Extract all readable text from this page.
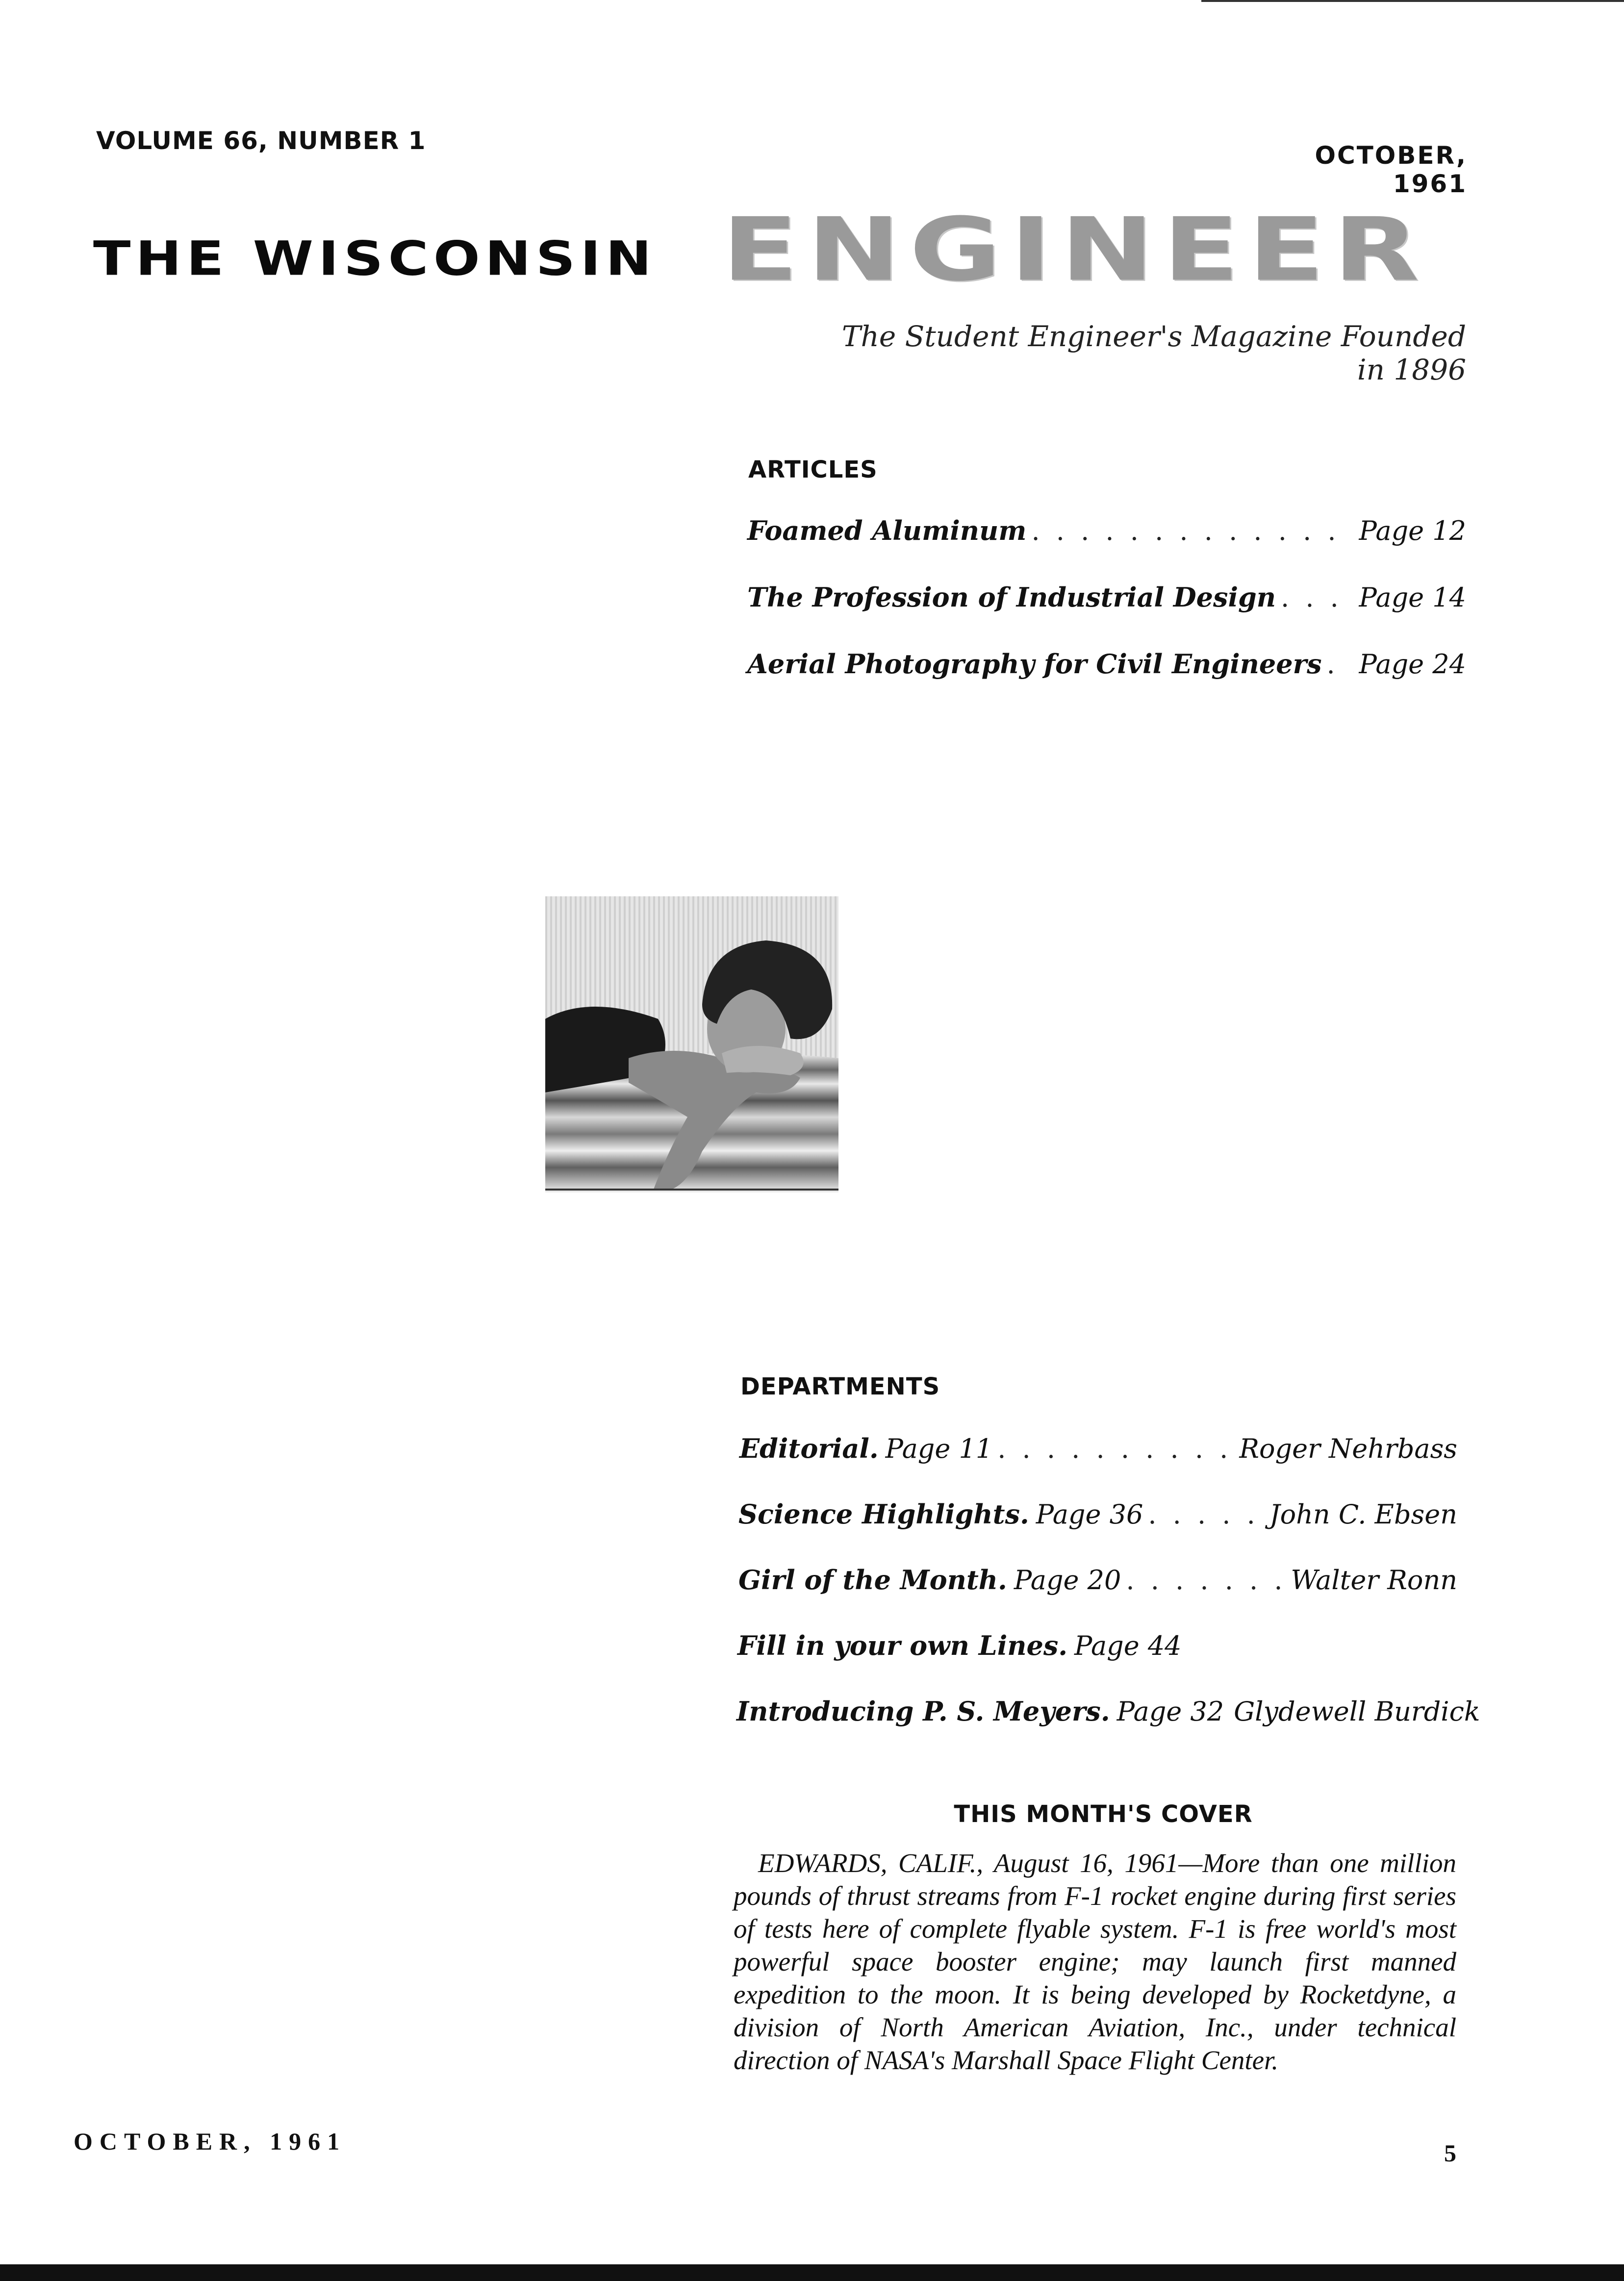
VOLUME 66, NUMBER 1
OCTOBER, 1961
THE WISCONSIN ENGINEER
The Student Engineer's Magazine Founded in 1896
ARTICLES
Foamed Aluminum . . .	Page 12
The Profession of Industrial Design . . .	Page 14
Aerial Photography for Civil Engineers . . . Page 24
DEPARTMENTS
Editorial. Page 11 . . .	Roger Nehrbass
Science Highlights. Page 36 . . .	John C. Ebsen
Girl of the Month. Page 20 . . .	Walter Ronn
Fill in your own Lines. Page 44
Introducing P. S. Meyers. Page 32 Glydewell Burdick
THIS MONTH'S COVER
EDWARDS, CALIF., August 16, 1961—More than one million pounds of thrust streams from F-1 rocket engine during first series of tests here of complete flyable system. F-1 is free world's most powerful space booster engine; may launch first manned expedition to the moon. It is being developed by Rocketdyne, a division of North American Aviation, Inc., under technical direction of NASA's Marshall Space Flight Center.
OCTOBER, 1961	5
